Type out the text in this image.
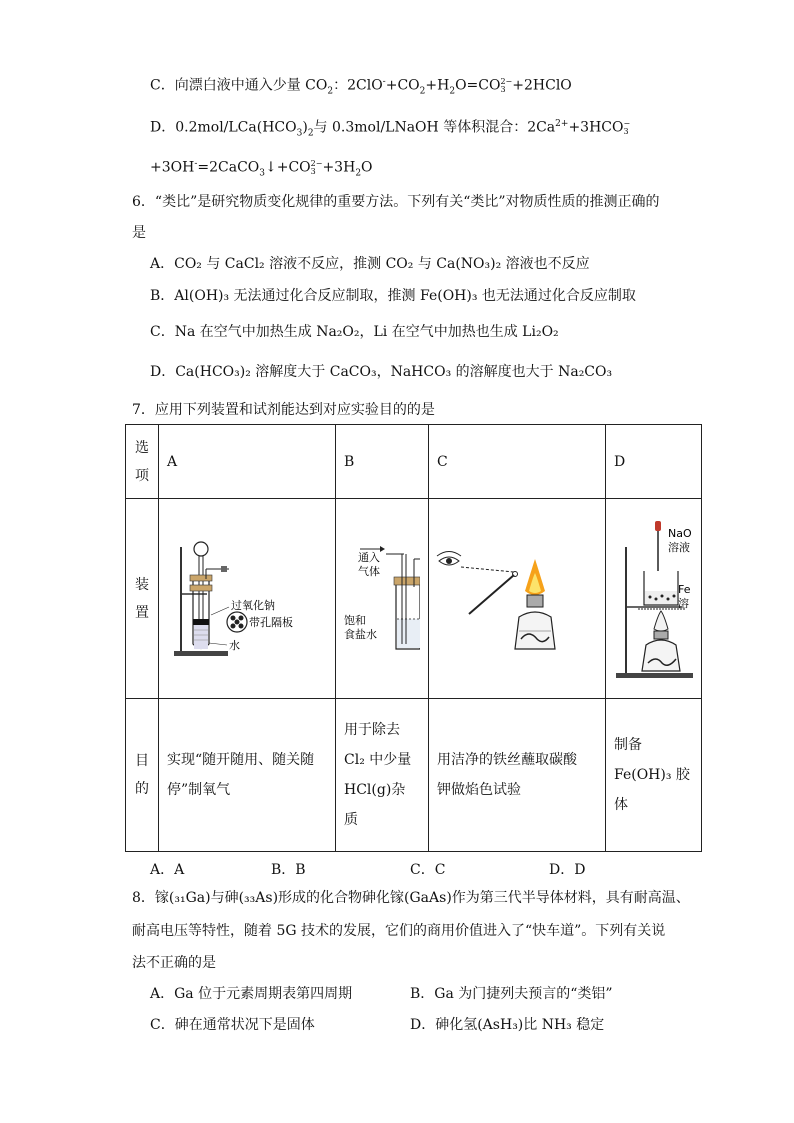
C．向漂白液中通入少量 $CO_2$：$2ClO^-+CO_2+H_2O=CO2-$
3 +2HClO
D．$0.2mol/LCa(HCO_3)_2$与 0.3mol/LNaOH 等体积混合：$2Ca^{2+}+3HCO-$
3
+3OH-=2CaCO$_3$↓+CO2−
$3 +3H_2O$
6．“类比”是研究物质变化规律的重要方法。下列有关“类比”对物质性质的推测正确的
是
A．CO₂ 与 CaCl₂ 溶液不反应，推测 CO₂ 与 Ca(NO₃)₂ 溶液也不反应
B．Al(OH)₃ 无法通过化合反应制取，推测 Fe(OH)₃ 也无法通过化合反应制取
C．Na 在空气中加热生成 Na₂O₂，Li 在空气中加热也生成 Li₂O₂
D．Ca(HCO₃)₂ 溶解度大于 CaCO₃，NaHCO₃ 的溶解度也大于 Na₂CO₃
7．应用下列装置和试剂能达到对应实验目的的是
选
项	A	B	C	D
装
置	过氧化钠
带孔隔板
水	通入
气体
饱和
食盐水		NaO
溶液
Fe
溶

目
的	实现“随开随用、随关随
停”制氧气	用于除去
Cl₂ 中少量
HCl(g)杂
质	用洁净的铁丝蘸取碳酸
钾做焰色试验	制备
Fe(OH)₃ 胶
体
A．A	B．B	C．C	D．D
8．镓(₃₁Ga)与砷(₃₃As)形成的化合物砷化镓(GaAs)作为第三代半导体材料，具有耐高温、
耐高电压等特性，随着 5G 技术的发展，它们的商用价值进入了“快车道”。下列有关说
法不正确的是
A．Ga 位于元素周期表第四周期	B．Ga 为门捷列夫预言的“类铝”
C．砷在通常状况下是固体	D．砷化氢(AsH₃)比 NH₃ 稳定
